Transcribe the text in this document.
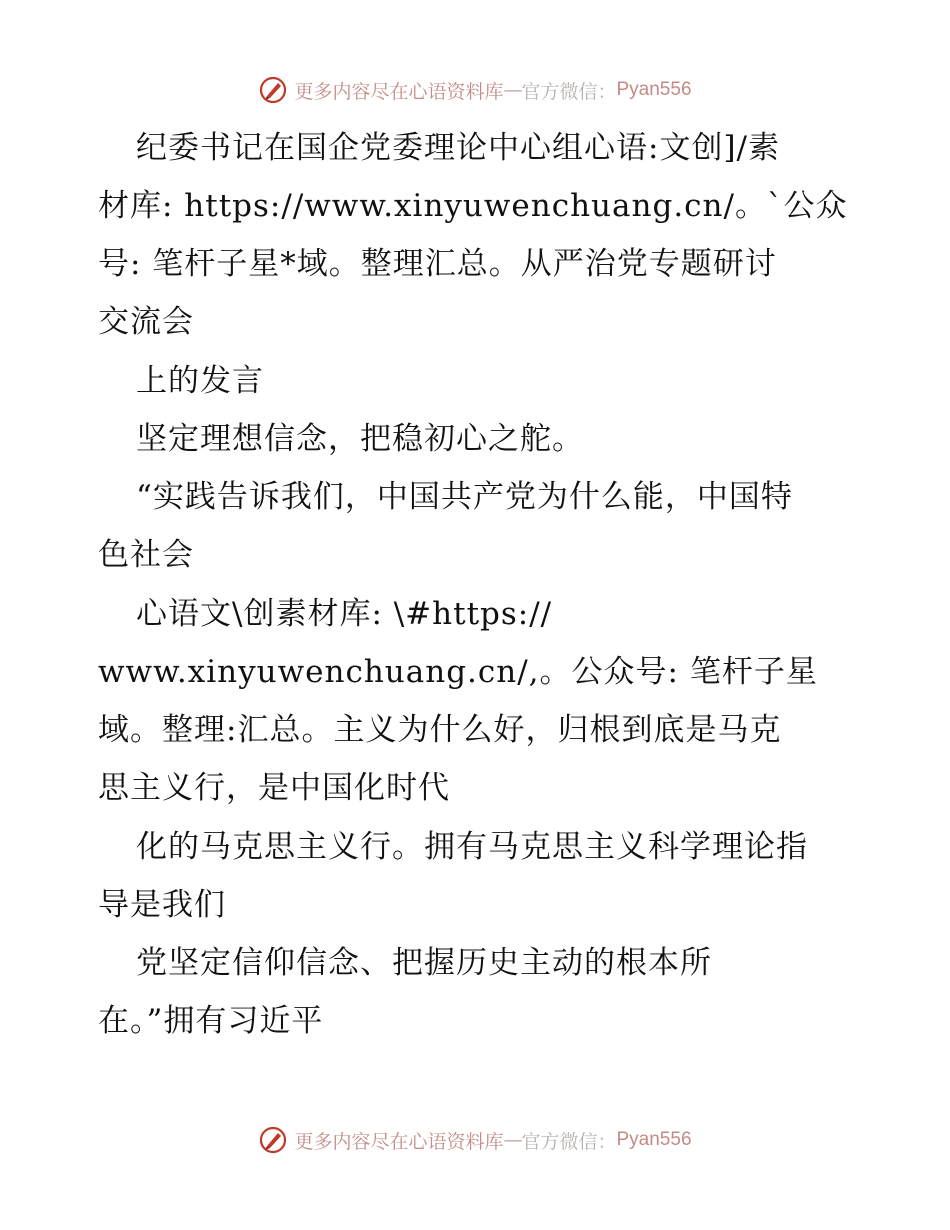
更多内容尽在心语资料库 — 官方微信： Pyan556
纪委书记在国企党委理论中心组心语:文创]/素
材库: https://www.xinyuwenchuang.cn/。`公众
号: 笔杆子星*域。整理汇总。从严治党专题研讨
交流会
上的发言
坚定理想信念，把稳初心之舵。
“实践告诉我们，中国共产党为什么能，中国特
色社会
心语文\创素材库: \#https://
www.xinyuwenchuang.cn/,。公众号: 笔杆子星
域。整理:汇总。主义为什么好，归根到底是马克
思主义行，是中国化时代
化的马克思主义行。拥有马克思主义科学理论指
导是我们
党坚定信仰信念、把握历史主动的根本所
在。”拥有习近平
更多内容尽在心语资料库 — 官方微信： Pyan556
